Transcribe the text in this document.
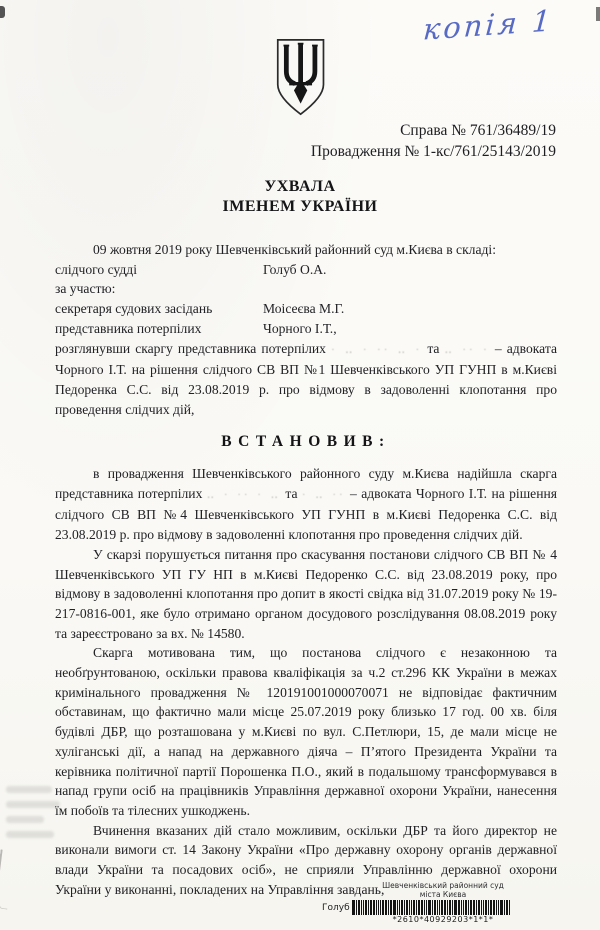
копія 1
Справа № 761/36489/19
Провадження № 1-кс/761/25143/2019
УХВАЛА
ІМЕНЕМ УКРАЇНИ
09 жовтня 2019 року Шевченківський районний суд м.Києва в складі:
слідчого судді	Голуб О.А.
за участю:
секретаря судових засідань	Моісеєва М.Г.
представника потерпілих	Чорного І.Т.,

розглянувши скаргу представника потерпілих · ‥ · ·· ‥ · та ‥ ·· · – адвоката Чорного І.Т. на рішення слідчого СВ ВП №1 Шевченківського УП ГУНП в м.Києві Педоренка С.С. від 23.08.2019 р. про відмову в задоволенні клопотання про проведення слідчих дій,

ВСТАНОВИВ:

в провадження Шевченківського районного суду м.Києва надійшла скарга представника потерпілих ‥ · ·· · ‥ та · ‥ ·· – адвоката Чорного І.Т. на рішення слідчого СВ ВП №4 Шевченківського УП ГУНП в м.Києві Педоренка С.С. від 23.08.2019 р. про відмову в задоволенні клопотання про проведення слідчих дій.

У скарзі порушується питання про скасування постанови слідчого СВ ВП № 4 Шевченківського УП ГУ НП в м.Києві Педоренко С.С. від 23.08.2019 року, про відмову в задоволенні клопотання про допит в якості свідка від 31.07.2019 року № 19-217-0816-001, яке було отримано органом досудового розслідування 08.08.2019 року та зареєстровано за вх. № 14580.

Скарга мотивована тим, що постанова слідчого є незаконною та необґрунтованою, оскільки правова кваліфікація за ч.2 ст.296 КК України в межах кримінального провадження № 120191001000070071 не відповідає фактичним обставинам, що фактично мали місце 25.07.2019 року близько 17 год. 00 хв. біля будівлі ДБР, що розташована у м.Києві по вул. С.Петлюри, 15, де мали місце не хуліганські дії, а напад на державного діяча – П’ятого Президента України та керівника політичної партії Порошенка П.О., який в подальшому трансформувався в напад групи осіб на працівників Управління державної охорони України, нанесення їм побоїв та тілесних ушкоджень.

Вчинення вказаних дій стало можливим, оскільки ДБР та його директор не виконали вимоги ст. 14 Закону України «Про державну охорону органів державної влади України та посадових осіб», не сприяли Управлінню державної охорони України у виконанні, покладених на Управління завдань,

Шевченківський районний суд
міста Києва
Голуб
*2610*40929203*1*1*
